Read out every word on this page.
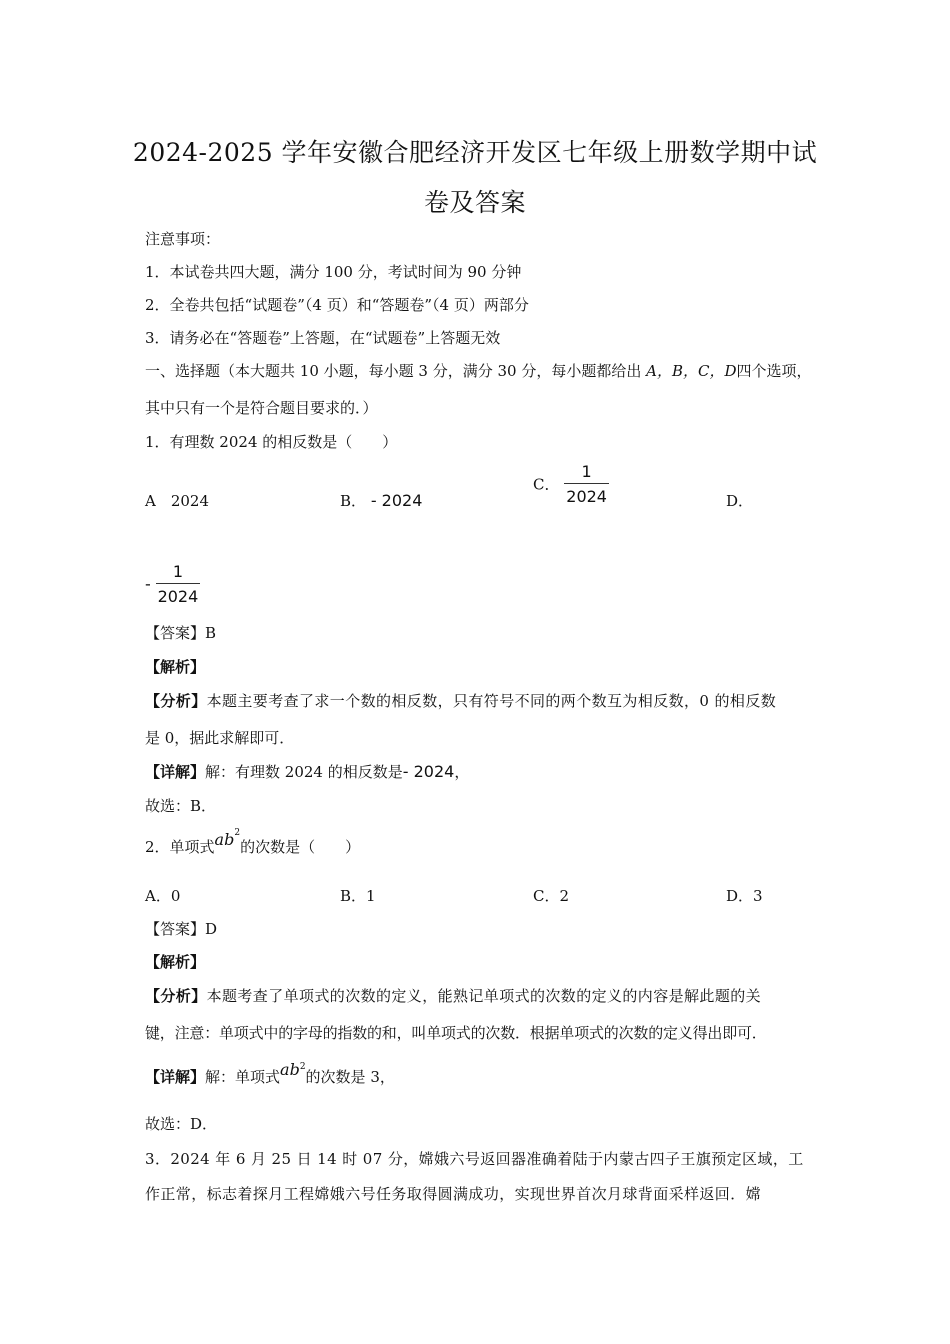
2024-2025 学年安徽合肥经济开发区七年级上册数学期中试
卷及答案
注意事项：
1．本试卷共四大题，满分 100 分，考试时间为 90 分钟
2．全卷共包括“试题卷”（4 页）和“答题卷”（4 页）两部分
3．请务必在“答题卷”上答题，在“试题卷”上答题无效
一、选择题（本大题共 10 小题，每小题 3 分，满分 30 分，每小题都给出 A，B，C，D四个选项，
其中只有一个是符合题目要求的．）
1．有理数 2024 的相反数是（　　）
A　2024	B． - 2024
C． $\frac{1}{2024}$	D．
- $\frac{1}{2024}$
【答案】B
【解析】
【分析】本题主要考查了求一个数的相反数，只有符号不同的两个数互为相反数，0 的相反数
是 0，据此求解即可．
【详解】解：有理数 2024 的相反数是- 2024，
故选：B．
2．单项式$ab^2$的次数是（　　）
A．0	B．1	C．2	D．3
【答案】D
【解析】
【分析】本题考查了单项式的次数的定义，能熟记单项式的次数的定义的内容是解此题的关
键，注意：单项式中的字母的指数的和，叫单项式的次数．根据单项式的次数的定义得出即可．
【详解】解：单项式$ab^2$的次数是 3，
故选：D．
3．2024 年 6 月 25 日 14 时 07 分，嫦娥六号返回器准确着陆于内蒙古四子王旗预定区域，工
作正常，标志着探月工程嫦娥六号任务取得圆满成功，实现世界首次月球背面采样返回．嫦
